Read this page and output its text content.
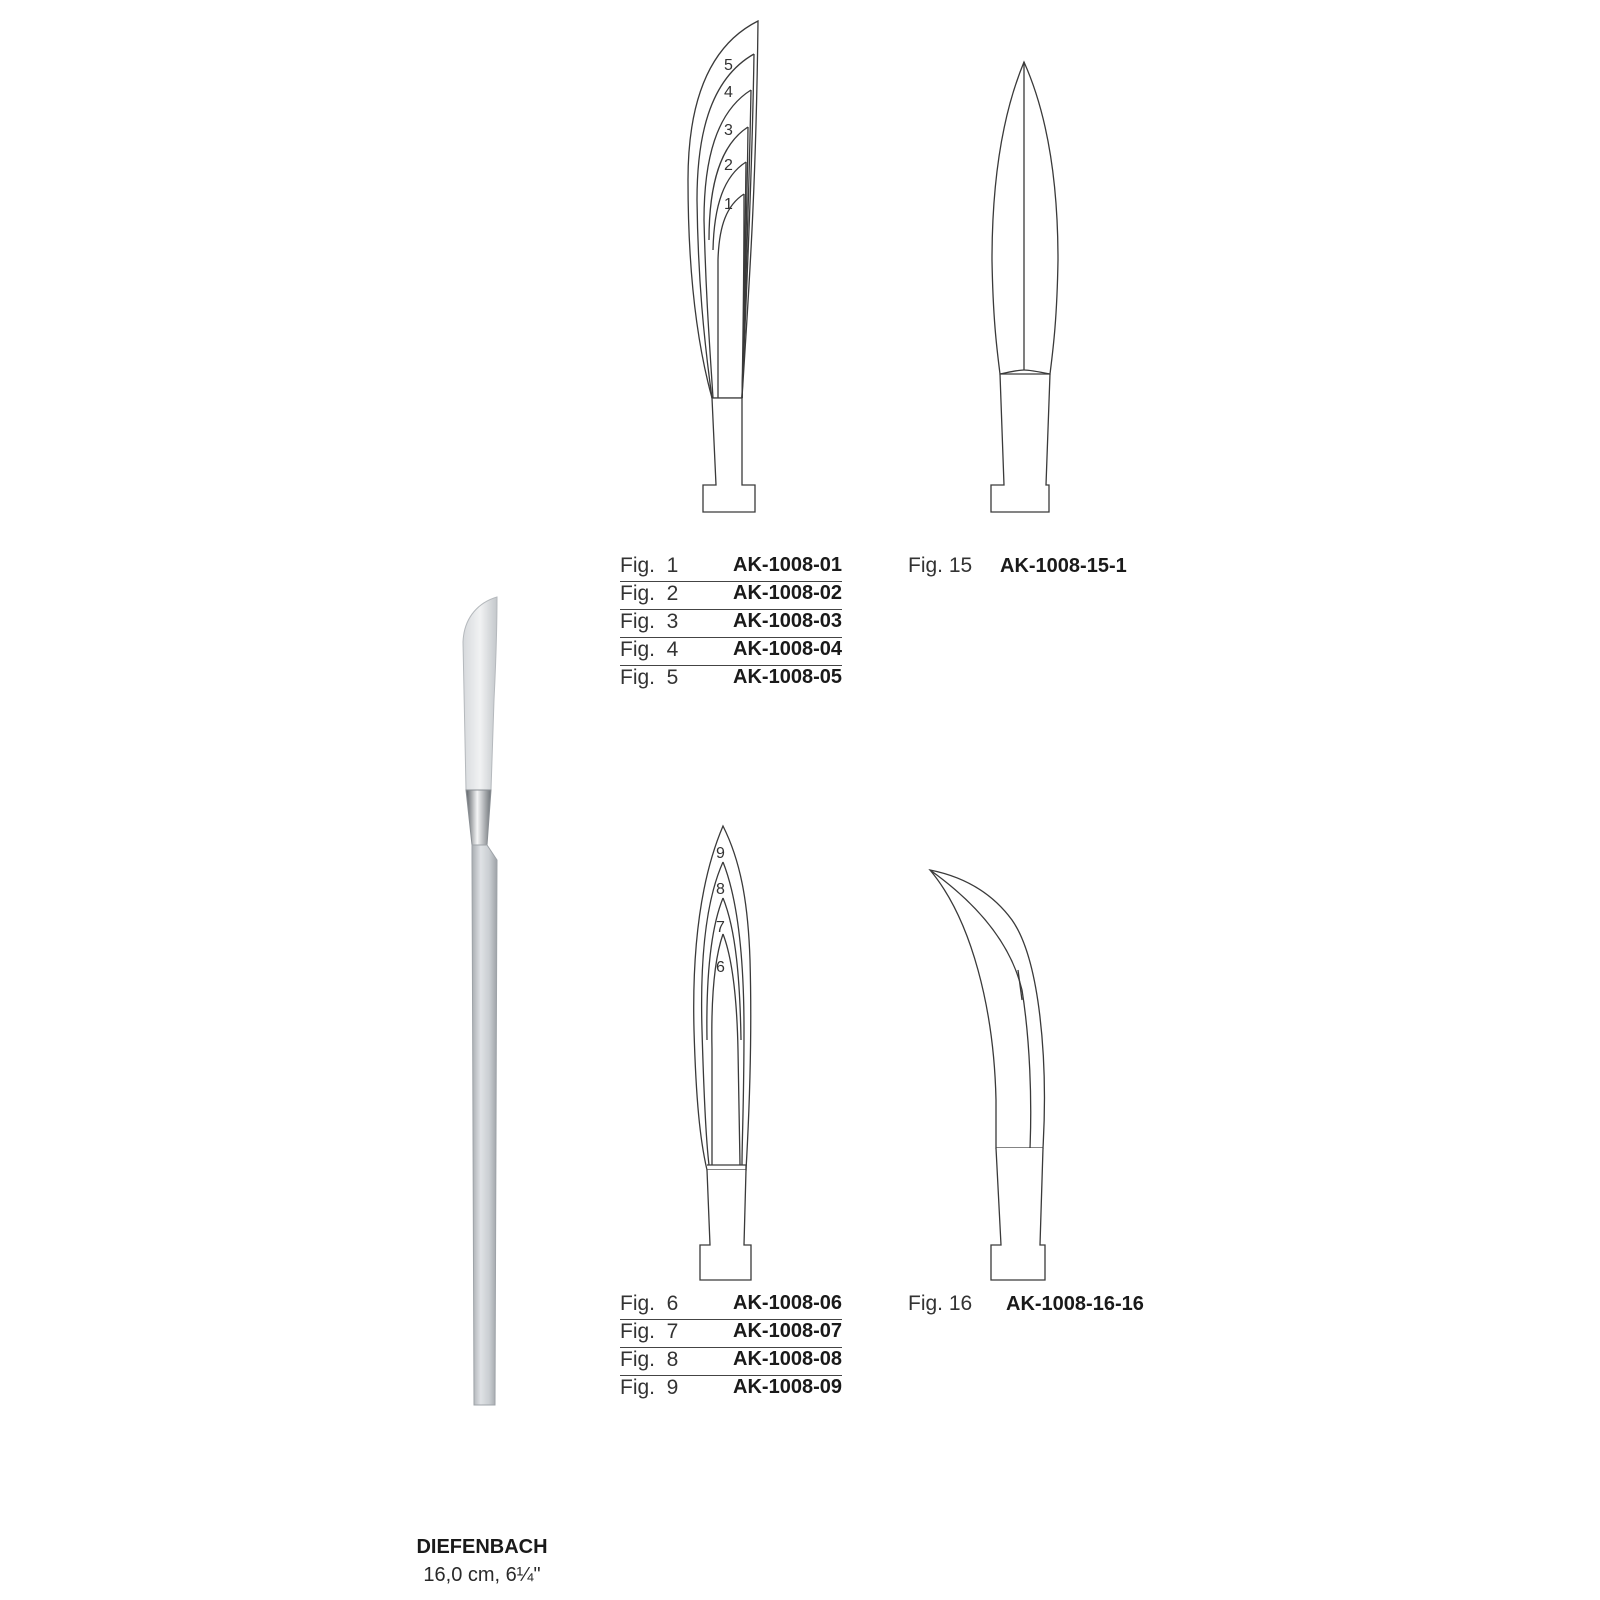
1
2
3
4
5
6
7
8
9
Fig.  1	AK-1008-01
Fig.  2	AK-1008-02
Fig.  3	AK-1008-03
Fig.  4	AK-1008-04
Fig.  5	AK-1008-05
Fig. 15 AK-1008-15-1
Fig.  6	AK-1008-06
Fig.  7	AK-1008-07
Fig.  8	AK-1008-08
Fig.  9	AK-1008-09
Fig. 16 AK-1008-16-16
DIEFENBACH
16,0 cm, 6¼"
